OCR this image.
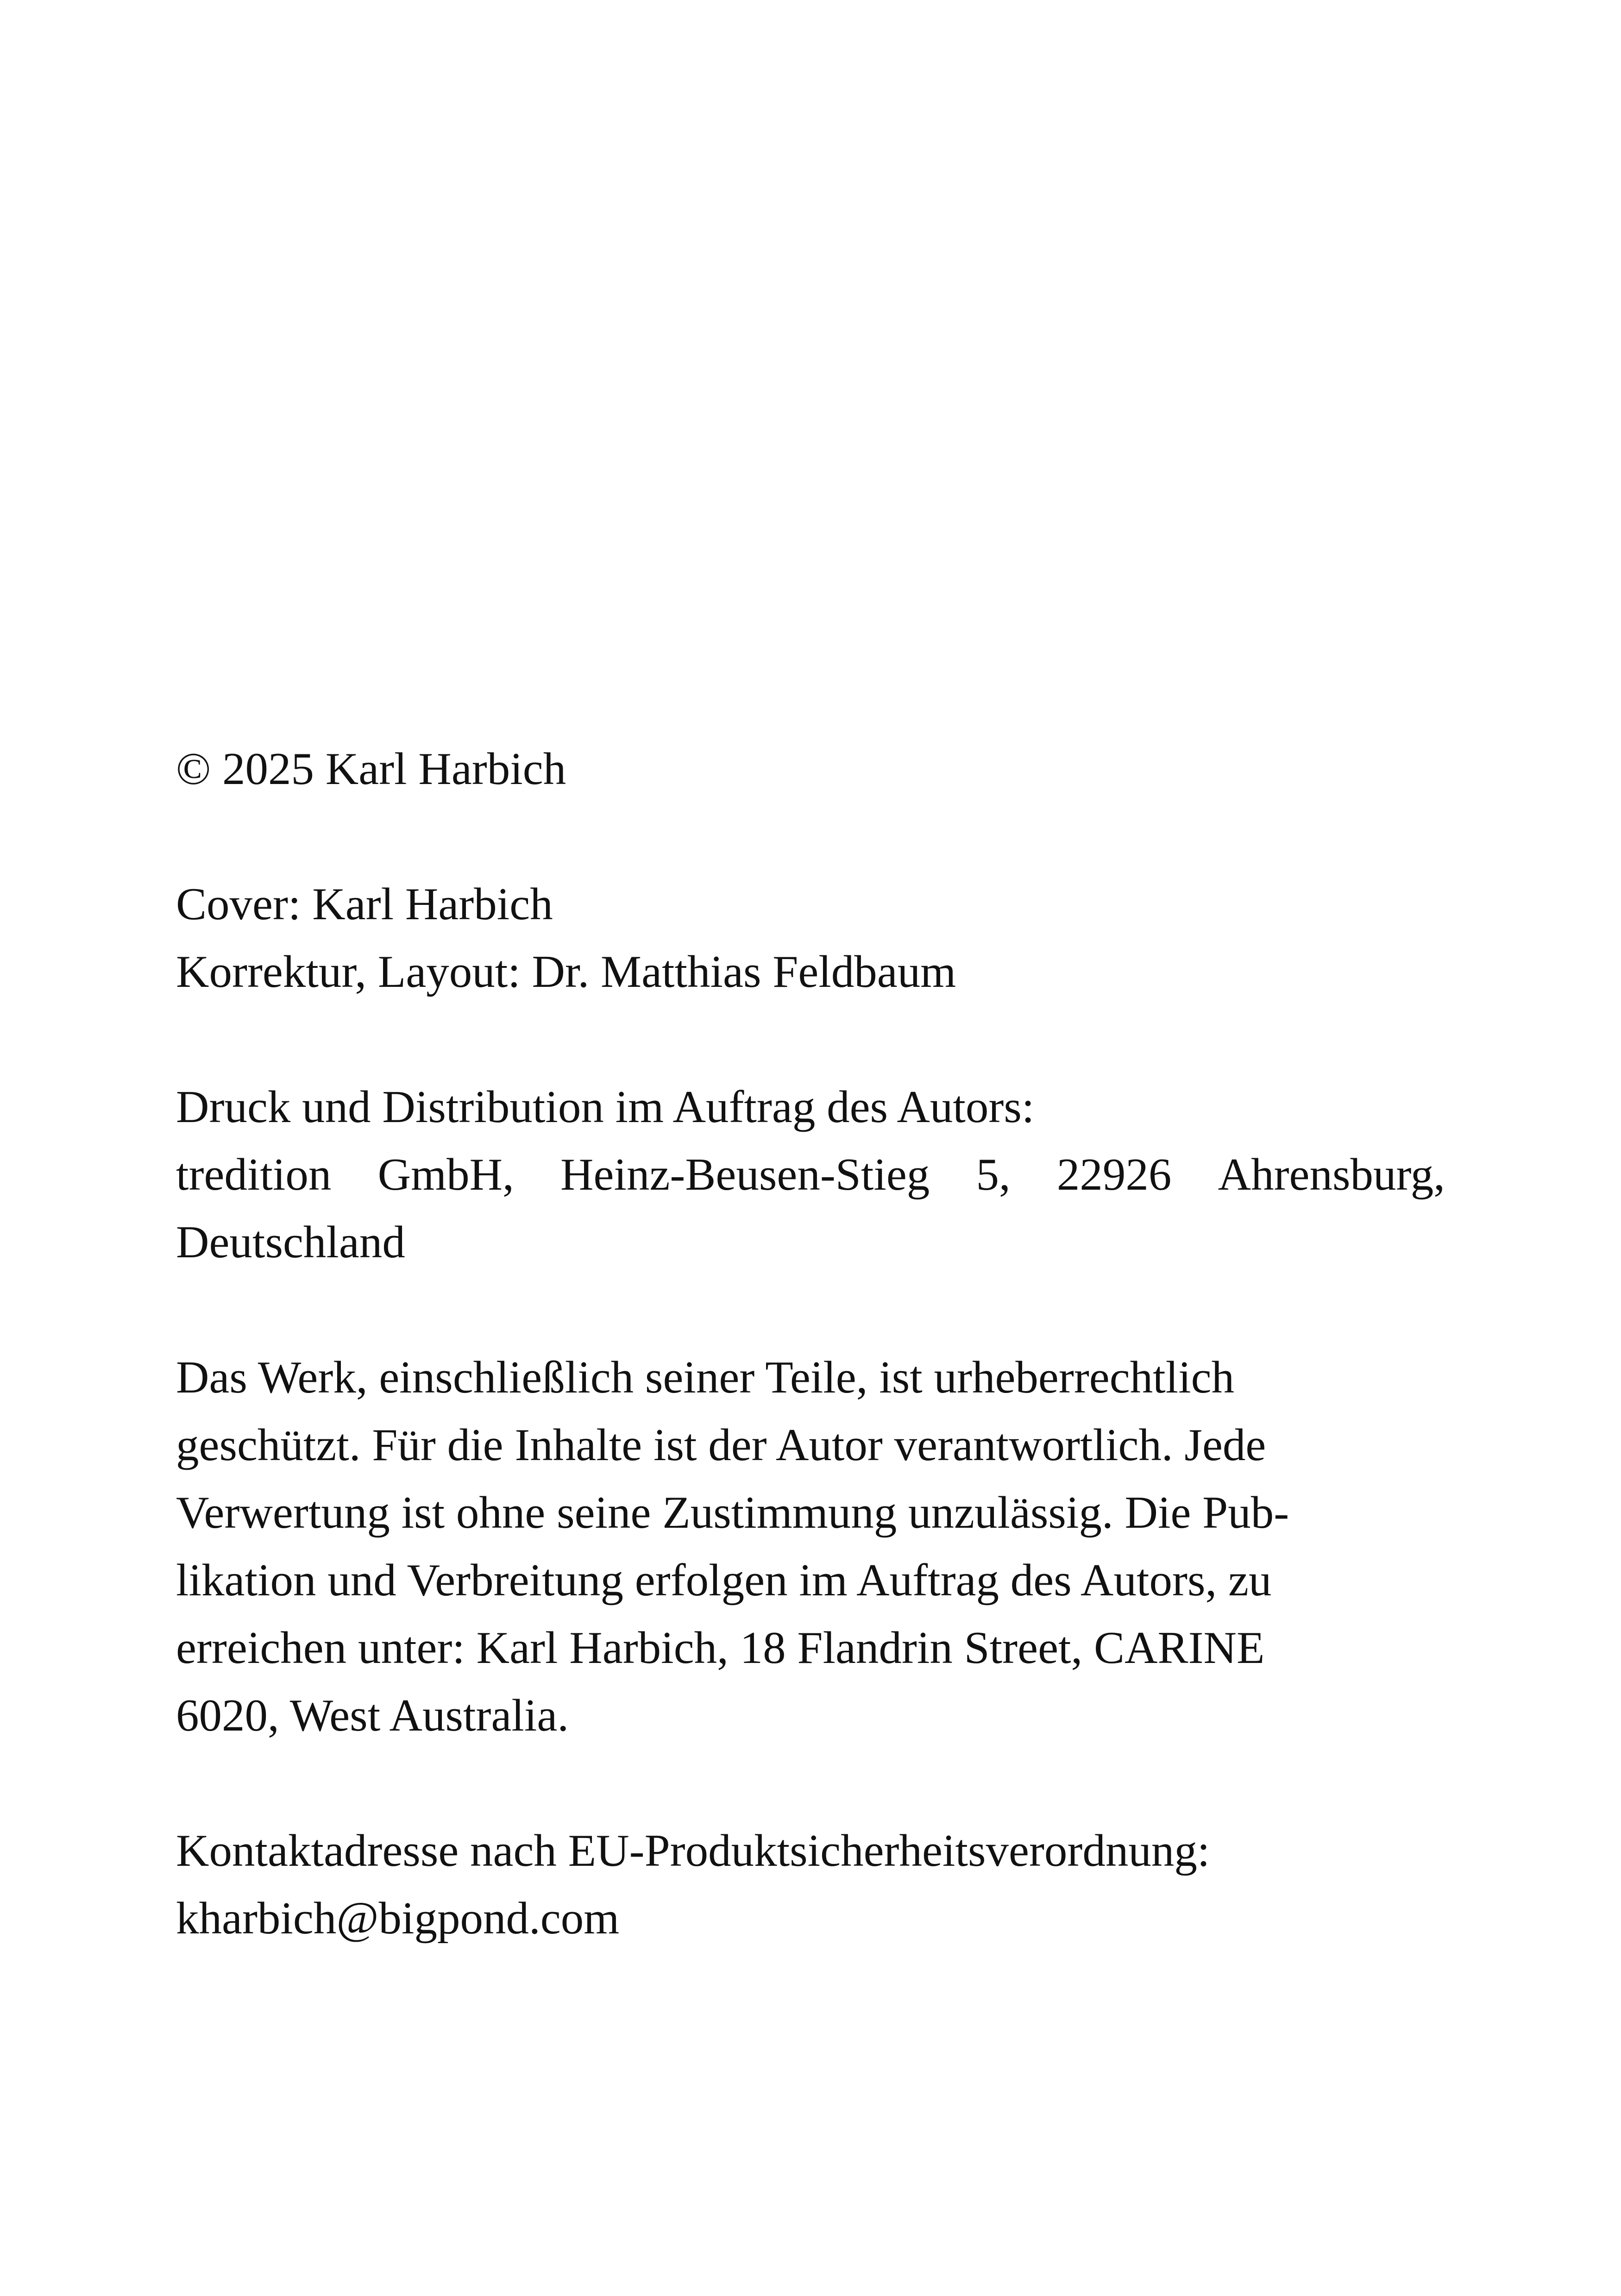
© 2025 Karl Harbich
Cover: Karl Harbich
Korrektur, Layout: Dr. Matthias Feldbaum
Druck und Distribution im Auftrag des Autors:
tredition GmbH, Heinz-Beusen-Stieg 5, 22926 Ahrensburg,
Deutschland
Das Werk, einschließlich seiner Teile, ist urheberrechtlich
geschützt. Für die Inhalte ist der Autor verantwortlich. Jede
Verwertung ist ohne seine Zustimmung unzulässig. Die Pub-
likation und Verbreitung erfolgen im Auftrag des Autors, zu
erreichen unter: Karl Harbich, 18 Flandrin Street, CARINE
6020, West Australia.
Kontaktadresse nach EU-Produktsicherheitsverordnung:
kharbich@bigpond.com
